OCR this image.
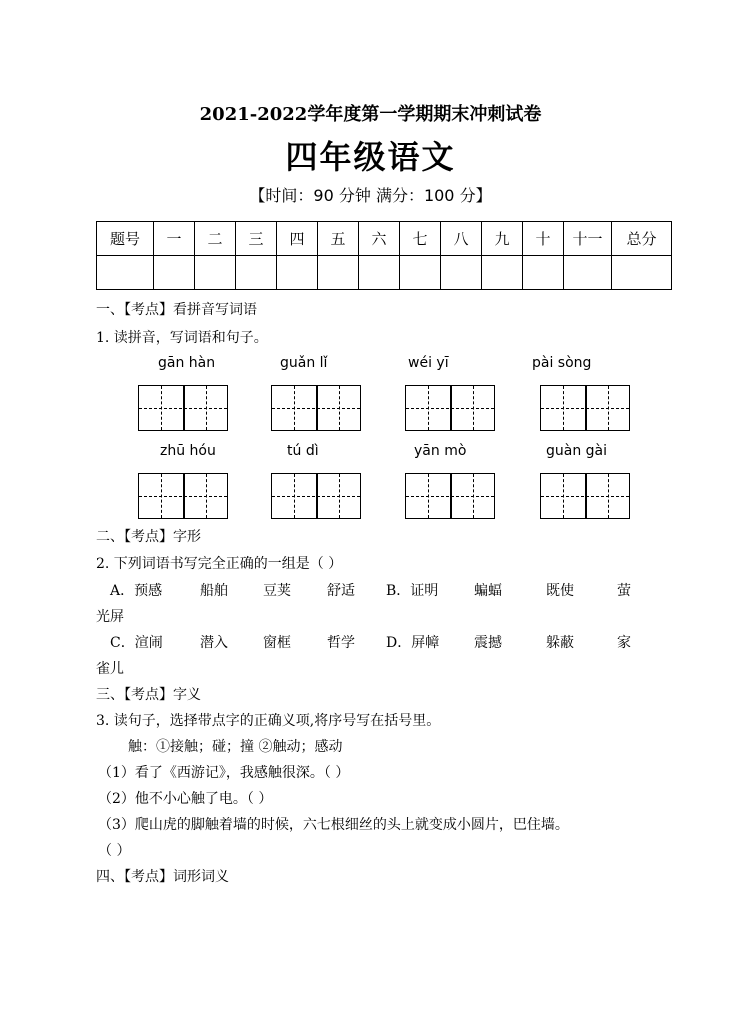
2021-2022学年度第一学期期末冲刺试卷
四年级语文
【时间：90 分钟 满分：100 分】
题号	一	二	三	四	五	六	七	八	九	十	十一	总分

一、【考点】看拼音写词语
1. 读拼音，写词语和句子。
gān hàn	guǎn lǐ	wéi yī	pài sòng
zhū hóu	tú dì	yān mò	guàn gài
二、【考点】字形
2. 下列词语书写完全正确的一组是（ ）
A．预感	船舶	豆荚	舒适 B．证明	蝙蝠	既使	萤
光屏
C．渲闹	潜入	窗框	哲学 D．屏幛 震撼	躲蔽	家
雀儿
三、【考点】字义
3. 读句子，选择带点字的正确义项,将序号写在括号里。
触：①接触；碰；撞 ②触动；感动
（1）看了《西游记》，我感触很深。（ ）
（2）他不小心触了电。（ ）
（3）爬山虎的脚触着墙的时候，六七根细丝的头上就变成小圆片，巴住墙。
（ ）
四、【考点】词形词义
